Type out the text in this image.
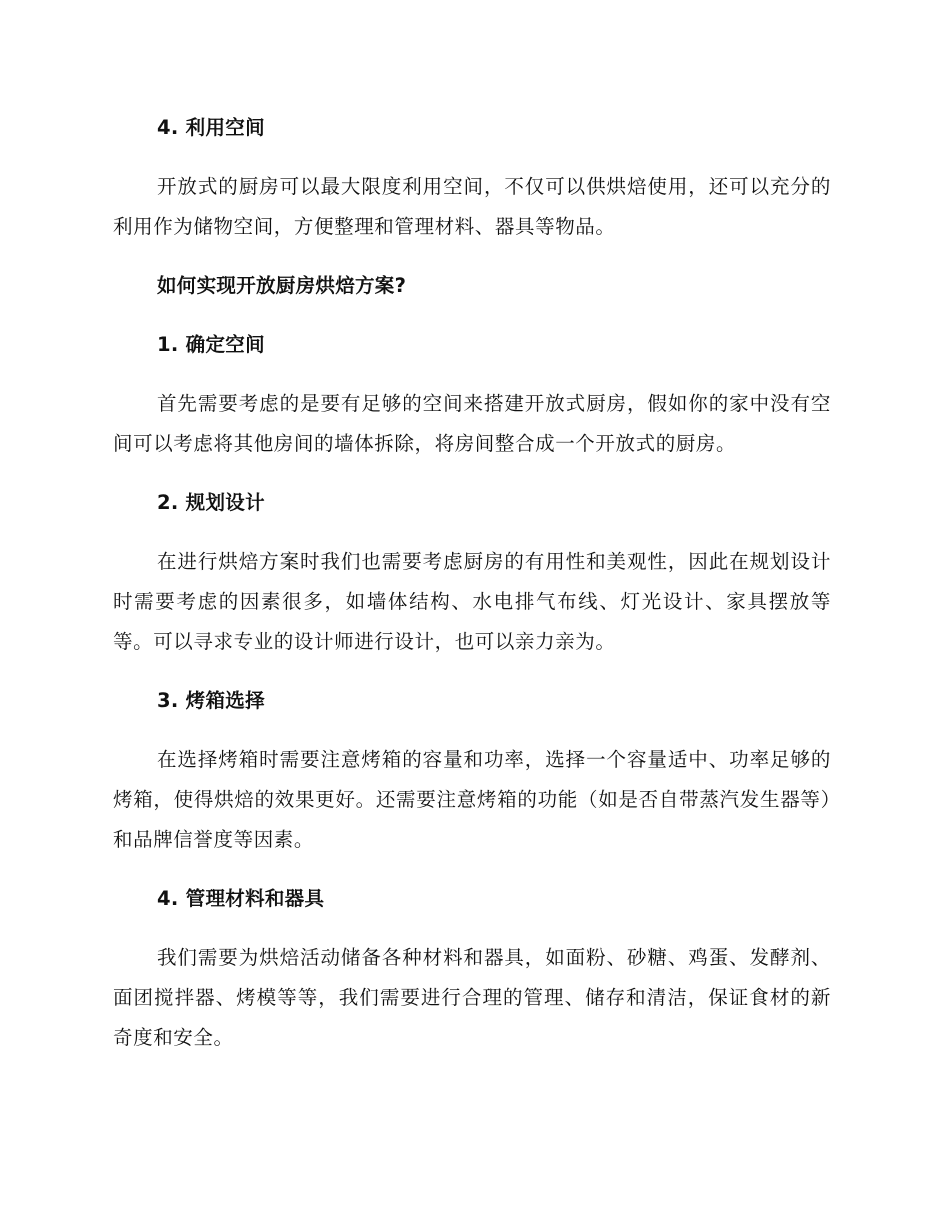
4. 利用空间

开放式的厨房可以最大限度利用空间，不仅可以供烘焙使用，还可以充分的利用作为储物空间，方便整理和管理材料、器具等物品。

如何实现开放厨房烘焙方案?
1. 确定空间

首先需要考虑的是要有足够的空间来搭建开放式厨房，假如你的家中没有空间可以考虑将其他房间的墙体拆除，将房间整合成一个开放式的厨房。

2. 规划设计

在进行烘焙方案时我们也需要考虑厨房的有用性和美观性，因此在规划设计时需要考虑的因素很多，如墙体结构、水电排气布线、灯光设计、家具摆放等等。可以寻求专业的设计师进行设计，也可以亲力亲为。

3. 烤箱选择

在选择烤箱时需要注意烤箱的容量和功率，选择一个容量适中、功率足够的烤箱，使得烘焙的效果更好。还需要注意烤箱的功能（如是否自带蒸汽发生器等）和品牌信誉度等因素。

4. 管理材料和器具

我们需要为烘焙活动储备各种材料和器具，如面粉、砂糖、鸡蛋、发酵剂、面团搅拌器、烤模等等，我们需要进行合理的管理、储存和清洁，保证食材的新奇度和安全。
